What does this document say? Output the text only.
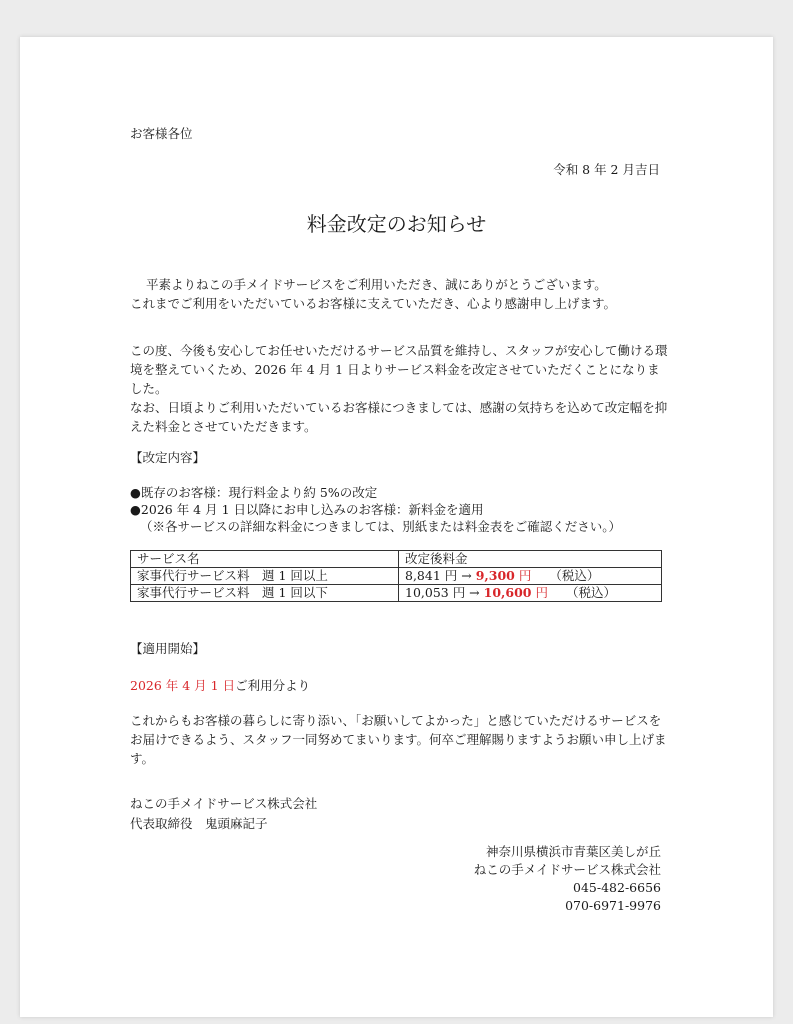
お客様各位
令和 8 年 2 月吉日
料金改定のお知らせ

平素よりねこの手メイドサービスをご利用いただき、誠にありがとうございます。

これまでご利用をいただいているお客様に支えていただき、心より感謝申し上げます。

この度、今後も安心してお任せいただけるサービス品質を維持し、スタッフが安心して働ける環境を整えていくため、2026 年 4 月 1 日よりサービス料金を改定させていただくことになりました。

なお、日頃よりご利用いただいているお客様につきましては、感謝の気持ちを込めて改定幅を抑えた料金とさせていただきます。

【改定内容】
●既存のお客様：現行料金より約 5%の改定
●2026 年 4 月 1 日以降にお申し込みのお客様：新料金を適用
（※各サービスの詳細な料金につきましては、別紙または料金表をご確認ください。）
サービス名	改定後料金
家事代行サービス料　週 1 回以上	8,841 円 → 9,300 円 （税込）
家事代行サービス料　週 1 回以下	10,053 円 → 10,600 円 （税込）
【適用開始】
2026 年 4 月 1 日ご利用分より
これからもお客様の暮らしに寄り添い、「お願いしてよかった」と感じていただけるサービスをお届けできるよう、スタッフ一同努めてまいります。何卒ご理解賜りますようお願い申し上げます。
ねこの手メイドサービス株式会社
代表取締役　鬼頭麻記子
神奈川県横浜市青葉区美しが丘
ねこの手メイドサービス株式会社
045-482-6656
070-6971-9976
